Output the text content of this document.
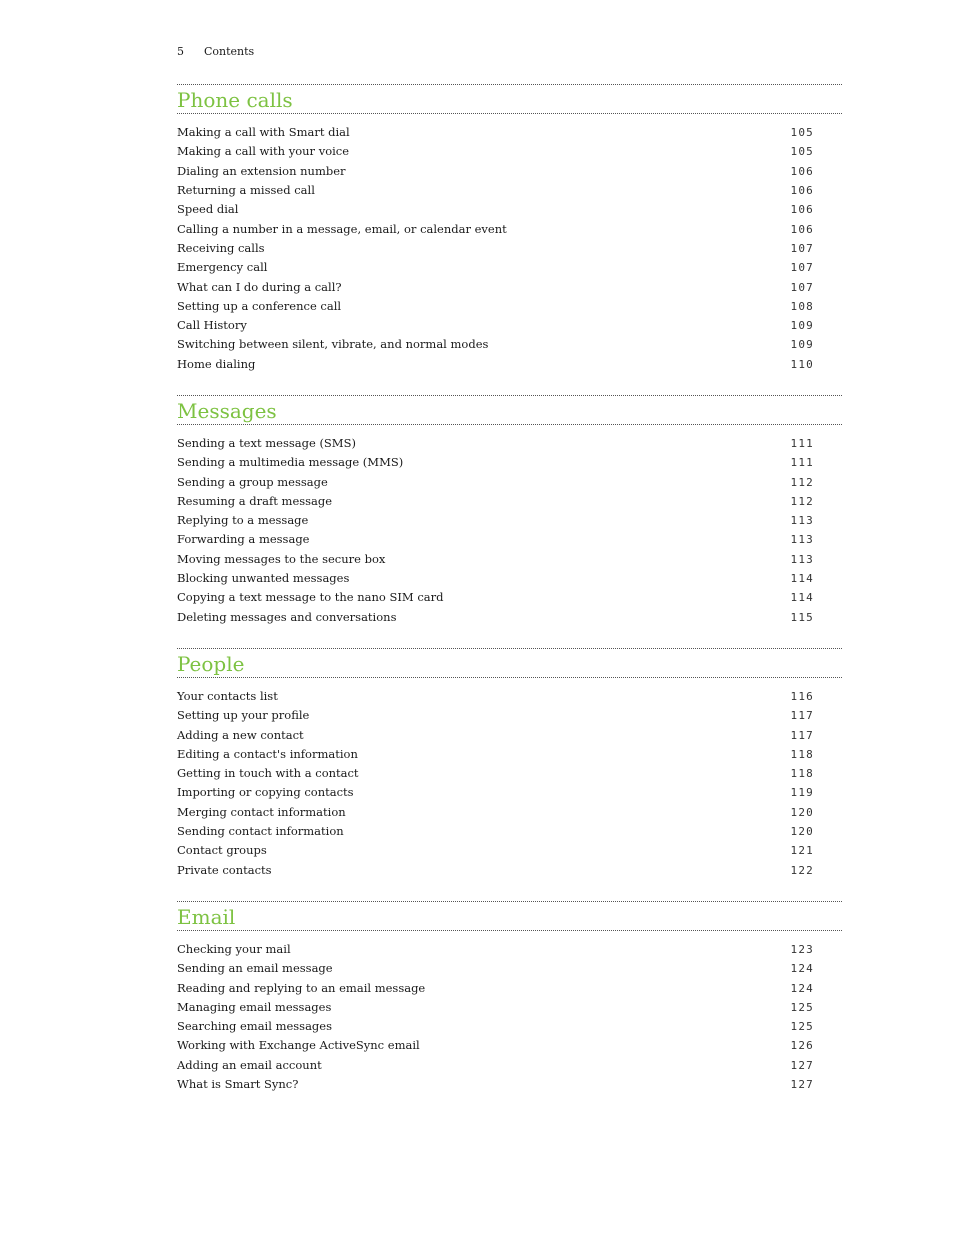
5	Contents
Phone calls
Making a call with Smart dial	105
Making a call with your voice	105
Dialing an extension number	106
Returning a missed call	106
Speed dial	106
Calling a number in a message, email, or calendar event	106
Receiving calls	107
Emergency call	107
What can I do during a call?	107
Setting up a conference call	108
Call History	109
Switching between silent, vibrate, and normal modes	109
Home dialing	110
Messages
Sending a text message (SMS)	111
Sending a multimedia message (MMS)	111
Sending a group message	112
Resuming a draft message	112
Replying to a message	113
Forwarding a message	113
Moving messages to the secure box	113
Blocking unwanted messages	114
Copying a text message to the nano SIM card	114
Deleting messages and conversations	115
People
Your contacts list	116
Setting up your profile	117
Adding a new contact	117
Editing a contact's information	118
Getting in touch with a contact	118
Importing or copying contacts	119
Merging contact information	120
Sending contact information	120
Contact groups	121
Private contacts	122
Email
Checking your mail	123
Sending an email message	124
Reading and replying to an email message	124
Managing email messages	125
Searching email messages	125
Working with Exchange ActiveSync email	126
Adding an email account	127
What is Smart Sync?	127
